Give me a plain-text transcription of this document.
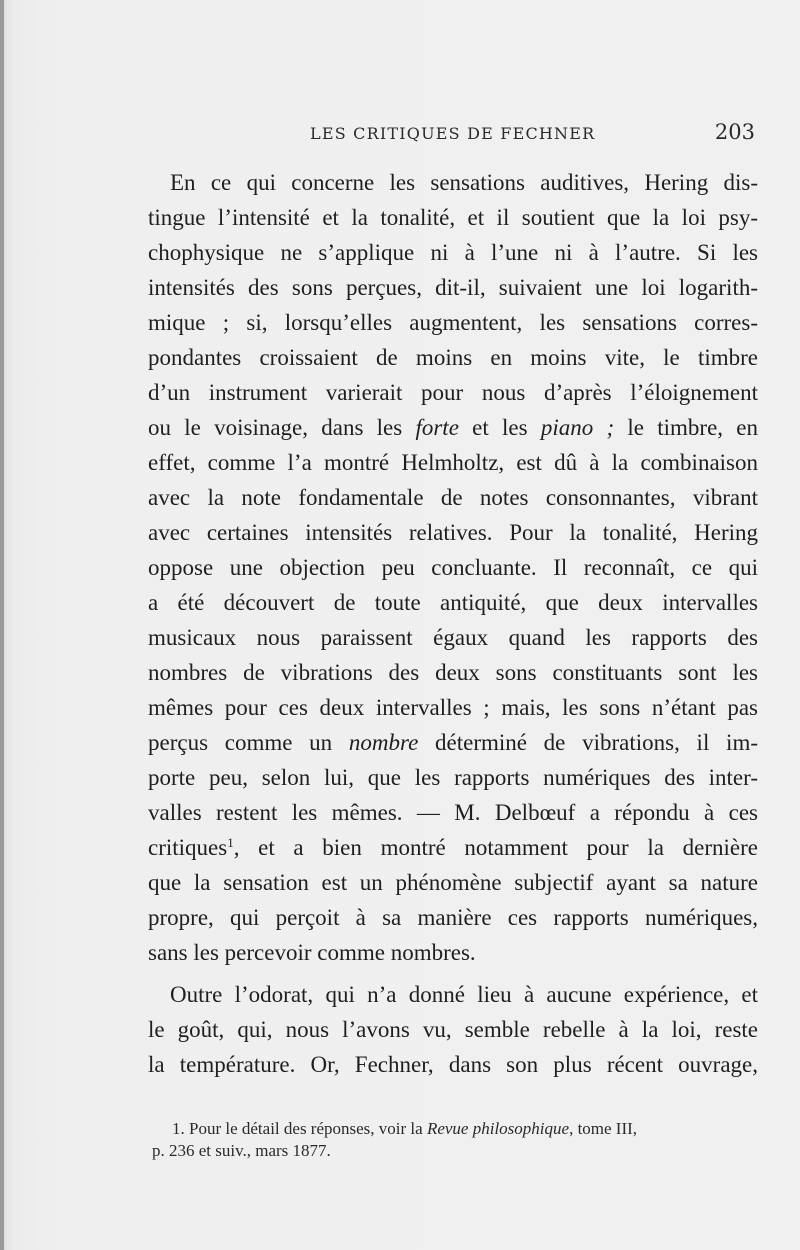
LES CRITIQUES DE FECHNER	203
En ce qui concerne les sensations auditives, Hering dis-
tingue l’intensité et la tonalité, et il soutient que la loi psy-
chophysique ne s’applique ni à l’une ni à l’autre. Si les
intensités des sons perçues, dit-il, suivaient une loi logarith-
mique ; si, lorsqu’elles augmentent, les sensations corres-
pondantes croissaient de moins en moins vite, le timbre
d’un instrument varierait pour nous d’après l’éloignement
ou le voisinage, dans les forte et les piano ; le timbre, en
effet, comme l’a montré Helmholtz, est dû à la combinaison
avec la note fondamentale de notes consonnantes, vibrant
avec certaines intensités relatives. Pour la tonalité, Hering
oppose une objection peu concluante. Il reconnaît, ce qui
a été découvert de toute antiquité, que deux intervalles
musicaux nous paraissent égaux quand les rapports des
nombres de vibrations des deux sons constituants sont les
mêmes pour ces deux intervalles ; mais, les sons n’étant pas
perçus comme un nombre déterminé de vibrations, il im-
porte peu, selon lui, que les rapports numériques des inter-
valles restent les mêmes. — M. Delbœuf a répondu à ces
critiques$^1$, et a bien montré notamment pour la dernière
que la sensation est un phénomène subjectif ayant sa nature
propre, qui perçoit à sa manière ces rapports numériques,
sans les percevoir comme nombres.
Outre l’odorat, qui n’a donné lieu à aucune expérience, et
le goût, qui, nous l’avons vu, semble rebelle à la loi, reste
la température. Or, Fechner, dans son plus récent ouvrage,
1. Pour le détail des réponses, voir la Revue philosophique, tome III,
p. 236 et suiv., mars 1877.
